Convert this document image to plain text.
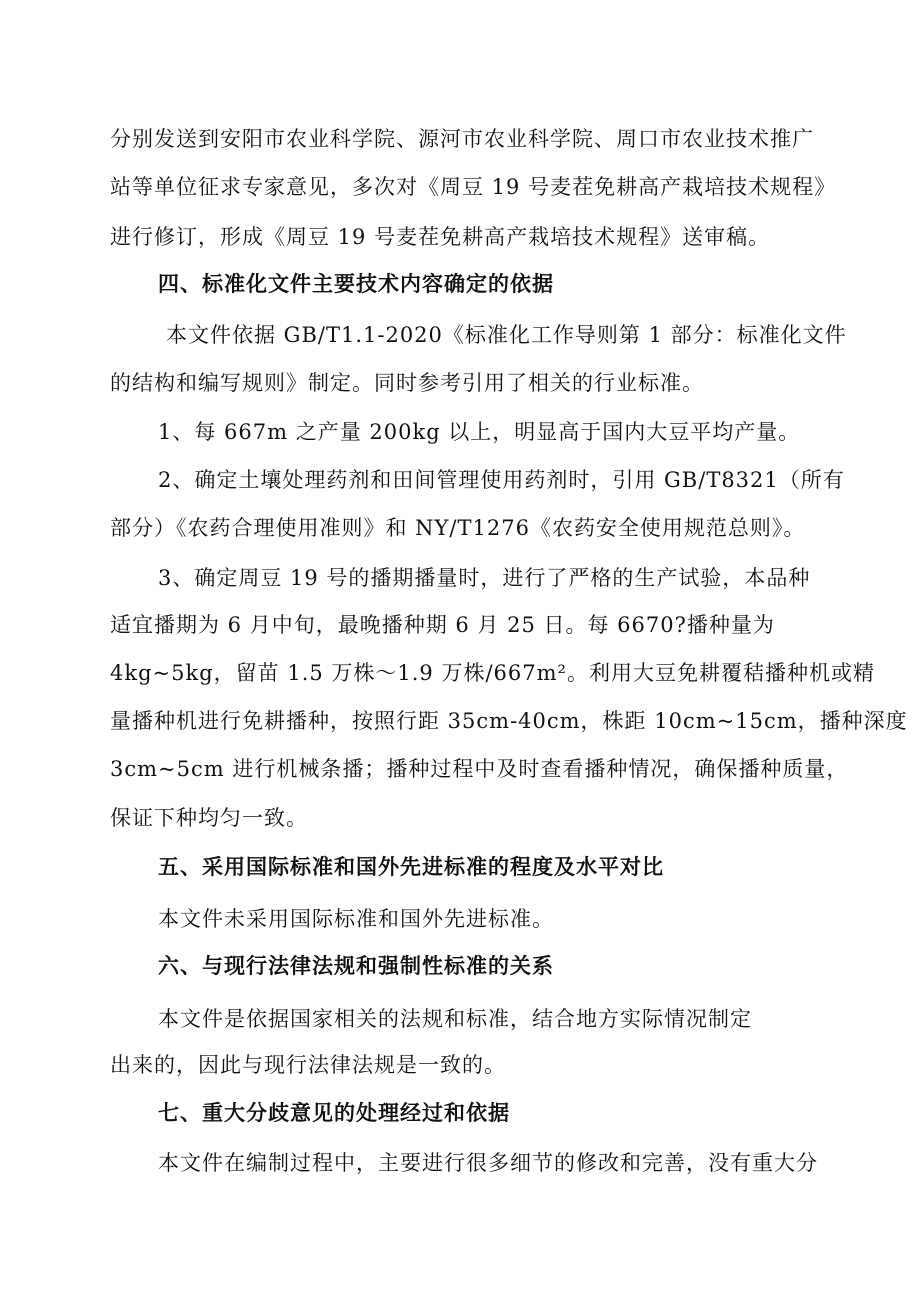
分别发送到安阳市农业科学院、源河市农业科学院、周口市农业技术推广
站等单位征求专家意见，多次对《周豆 19 号麦茬免耕高产栽培技术规程》
进行修订，形成《周豆 19 号麦茬免耕高产栽培技术规程》送审稿。
四、标准化文件主要技术内容确定的依据
本文件依据 GB/T1.1-2020《标准化工作导则第 1 部分：标准化文件
的结构和编写规则》制定。同时参考引用了相关的行业标准。
1、每 667m 之产量 200kg 以上，明显高于国内大豆平均产量。
2、确定土壤处理药剂和田间管理使用药剂时，引用 GB/T8321（所有
部分）《农药合理使用准则》和 NY/T1276《农药安全使用规范总则》。
3、确定周豆 19 号的播期播量时，进行了严格的生产试验，本品种
适宜播期为 6 月中旬，最晚播种期 6 月 25 日。每 6670?播种量为
4kg~5kg，留苗 1.5 万株～1.9 万株/667m²。利用大豆免耕覆秸播种机或精
量播种机进行免耕播种，按照行距 35cm-40cm，株距 10cm~15cm，播种深度
3cm~5cm 进行机械条播；播种过程中及时查看播种情况，确保播种质量，
保证下种均匀一致。
五、采用国际标准和国外先进标准的程度及水平对比
本文件未采用国际标准和国外先进标准。
六、与现行法律法规和强制性标准的关系
本文件是依据国家相关的法规和标准，结合地方实际情况制定
出来的，因此与现行法律法规是一致的。
七、重大分歧意见的处理经过和依据
本文件在编制过程中，主要进行很多细节的修改和完善，没有重大分
